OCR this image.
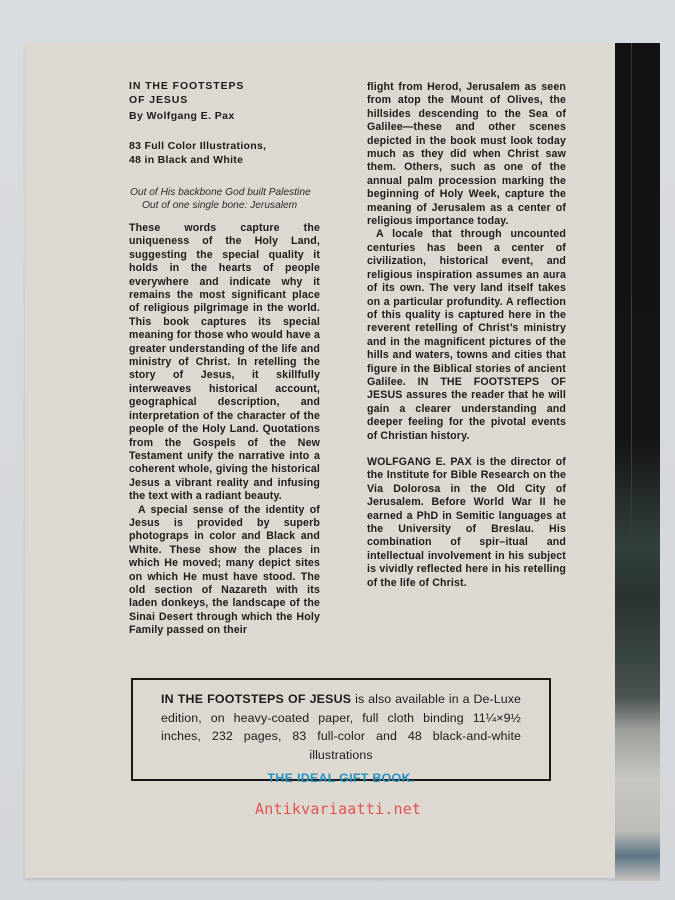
IN THE FOOTSTEPS
OF JESUS
By Wolfgang E. Pax
83 Full Color Illustrations,
48 in Black and White
Out of His backbone God built Palestine
Out of one single bone: Jerusalem

These words capture the uniqueness of the Holy Land, suggesting the special quality it holds in the hearts of people everywhere and indicate why it remains the most significant place of religious pilgrimage in the world. This book captures its special meaning for those who would have a greater understanding of the life and ministry of Christ. In retelling the story of Jesus, it skillfully interweaves historical account, geographical description, and interpretation of the character of the people of the Holy Land. Quotations from the Gospels of the New Testament unify the narrative into a coherent whole, giving the historical Jesus a vibrant reality and infusing the text with a radiant beauty.

A special sense of the identity of Jesus is provided by superb photograps in color and Black and White. These show the places in which He moved; many depict sites on which He must have stood. The old section of Nazareth with its laden donkeys, the landscape of the Sinai Desert through which the Holy Family passed on their

flight from Herod, Jerusalem as seen from atop the Mount of Olives, the hillsides descending to the Sea of Galilee—these and other scenes depicted in the book must look today much as they did when Christ saw them. Others, such as one of the annual palm procession marking the beginning of Holy Week, capture the meaning of Jerusalem as a center of religious importance today.

A locale that through uncounted centuries has been a center of civilization, historical event, and religious inspiration assumes an aura of its own. The very land itself takes on a particular profundity. A reflection of this quality is captured here in the reverent retelling of Christ’s ministry and in the magnificent pictures of the hills and waters, towns and cities that figure in the Biblical stories of ancient Galilee. IN THE FOOTSTEPS OF JESUS assures the reader that he will gain a clearer understanding and deeper feeling for the pivotal events of Christian history.

WOLFGANG E. PAX is the director of the Institute for Bible Research on the Via Dolorosa in the Old City of Jerusalem. Before World War II he earned a PhD in Semitic languages at the University of Breslau. His combination of spir–itual and intellectual involvement in his subject is vividly reflected here in his retelling of the life of Christ.

IN THE FOOTSTEPS OF JESUS is also available in a De-Luxe edition, on heavy-coated paper, full cloth binding 11¼×9½ inches, 232 pages, 83 full-color and 48 black-and-white illustrations
THE IDEAL GIFT BOOK.
Antikvariaatti.net
